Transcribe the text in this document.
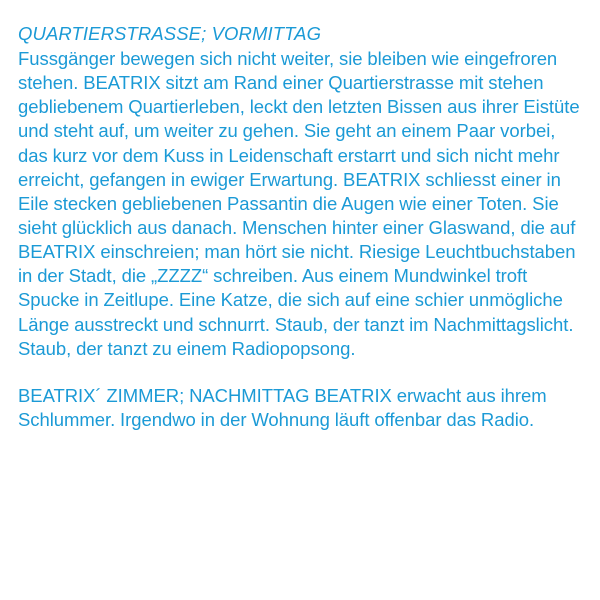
QUARTIERSTRASSE; VORMITTAG

Fussgänger bewegen sich nicht weiter, sie bleiben wie eingefroren stehen. BEATRIX sitzt am Rand einer Quartierstrasse mit stehen gebliebenem Quartierleben, leckt den letzten Bissen aus ihrer Eistüte und steht auf, um weiter zu gehen. Sie geht an einem Paar vorbei, das kurz vor dem Kuss in Leidenschaft erstarrt und sich nicht mehr erreicht, gefangen in ewiger Erwartung. BEATRIX schliesst einer in Eile stecken gebliebenen Passantin die Augen wie einer Toten. Sie sieht glücklich aus danach. Menschen hinter einer Glaswand, die auf BEATRIX einschreien; man hört sie nicht. Riesige Leuchtbuchstaben in der Stadt, die „ZZZZ“ schreiben. Aus einem Mundwinkel troft Spucke in Zeitlupe. Eine Katze, die sich auf eine schier unmögliche Länge ausstreckt und schnurrt. Staub, der tanzt im Nachmittagslicht. Staub, der tanzt zu einem Radiopopsong.

BEATRIX´ ZIMMER; NACHMITTAG BEATRIX erwacht aus ihrem Schlummer. Irgendwo in der Wohnung läuft offenbar das Radio.
